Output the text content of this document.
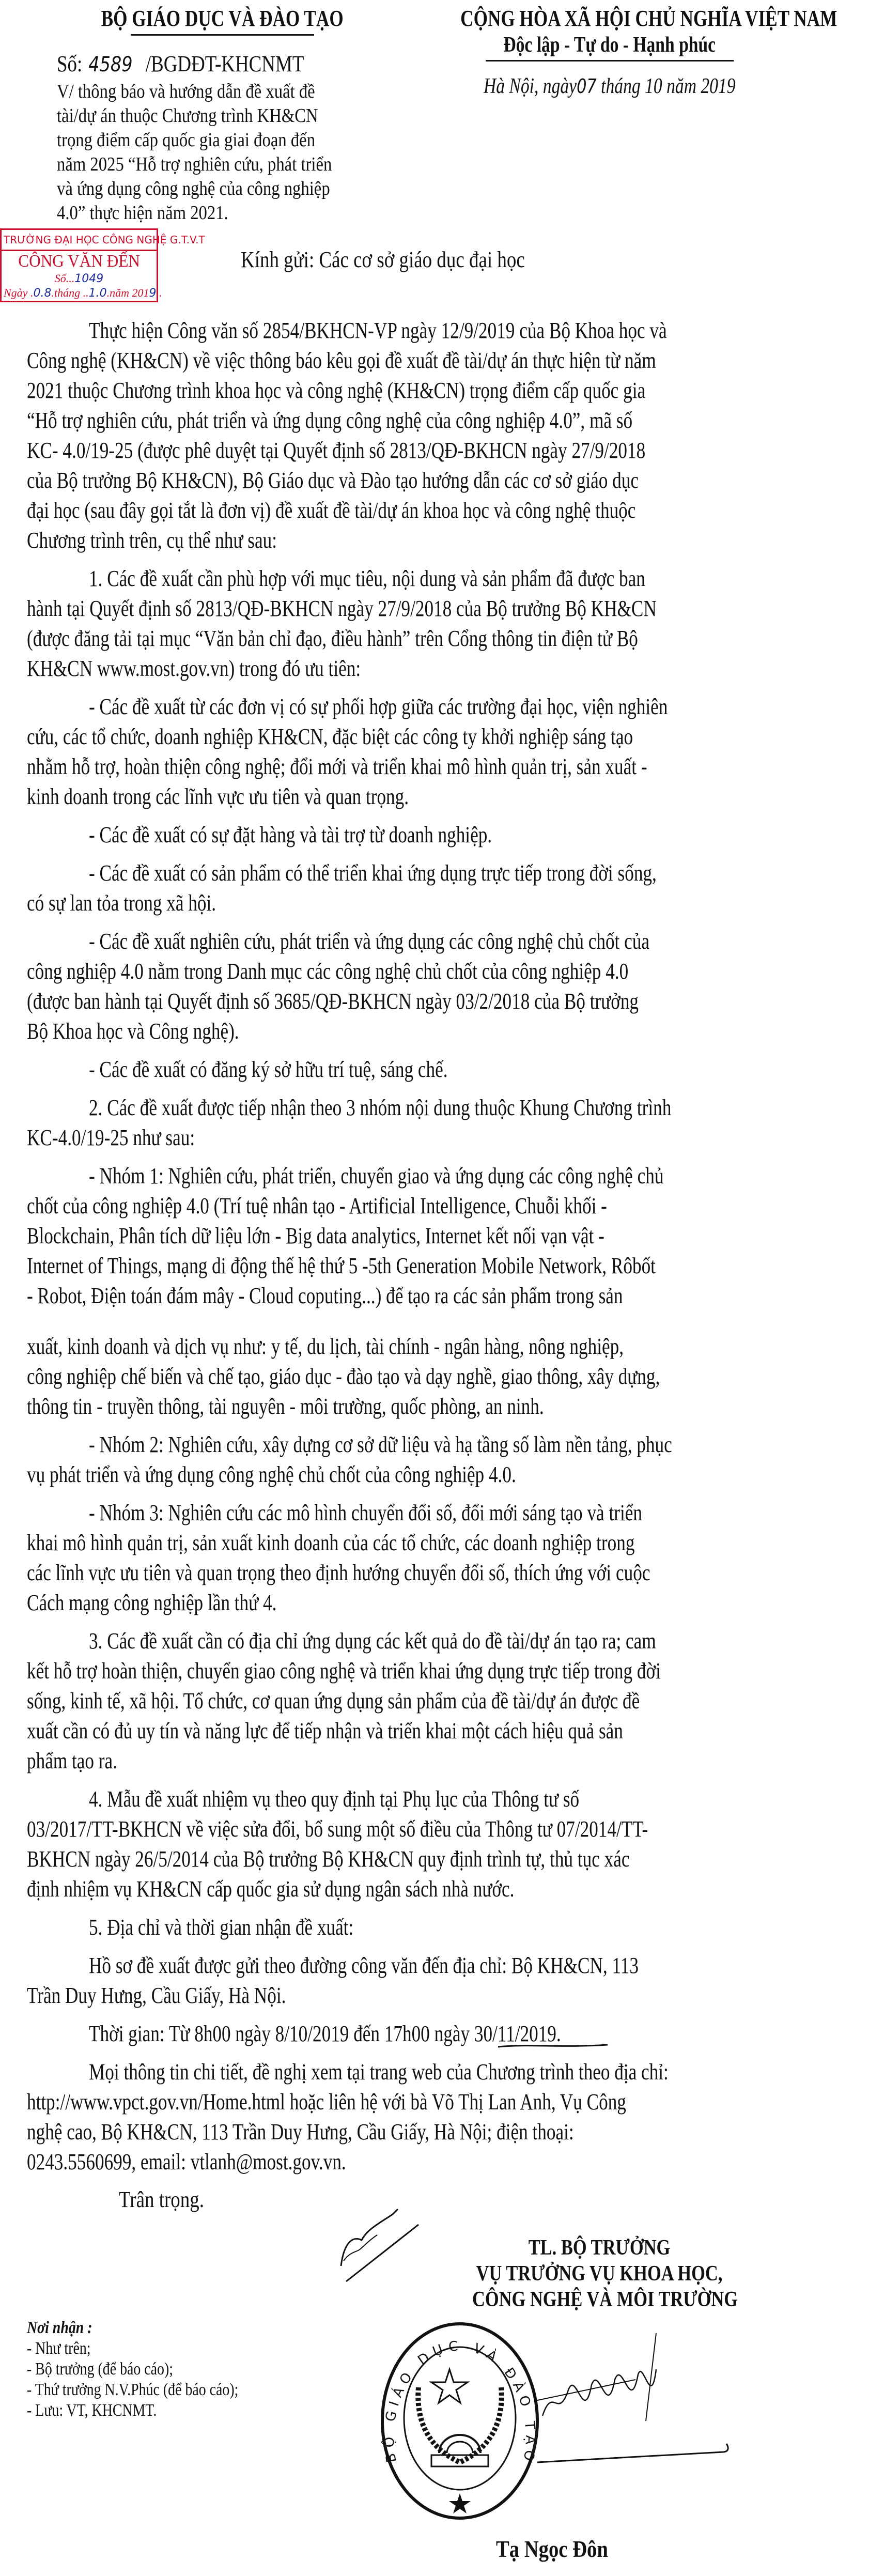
BỘ GIÁO DỤC VÀ ĐÀO TẠO
Số: 4589 /BGDĐT-KHCNMT
V/ thông báo và hướng dẫn đề xuất đề
tài/dự án thuộc Chương trình KH&CN
trọng điểm cấp quốc gia giai đoạn đến
năm 2025 “Hỗ trợ nghiên cứu, phát triển
và ứng dụng công nghệ của công nghiệp
4.0” thực hiện năm 2021.
CỘNG HÒA XÃ HỘI CHỦ NGHĨA VIỆT NAM
Độc lập - Tự do - Hạnh phúc
Hà Nội, ngày07 tháng 10 năm 2019
TRƯỜNG ĐẠI HỌC CÔNG NGHỆ G.T.V.T
CÔNG VĂN ĐẾN
Số...1049
Ngày .0.8.tháng ..1.0.năm 2019..
Kính gửi: Các cơ sở giáo dục đại học
Thực hiện Công văn số 2854/BKHCN-VP ngày 12/9/2019 của Bộ Khoa học và
Công nghệ (KH&CN) về việc thông báo kêu gọi đề xuất đề tài/dự án thực hiện từ năm
2021 thuộc Chương trình khoa học và công nghệ (KH&CN) trọng điểm cấp quốc gia
“Hỗ trợ nghiên cứu, phát triển và ứng dụng công nghệ của công nghiệp 4.0”, mã số
KC- 4.0/19-25 (được phê duyệt tại Quyết định số 2813/QĐ-BKHCN ngày 27/9/2018
của Bộ trưởng Bộ KH&CN), Bộ Giáo dục và Đào tạo hướng dẫn các cơ sở giáo dục
đại học (sau đây gọi tắt là đơn vị) đề xuất đề tài/dự án khoa học và công nghệ thuộc
Chương trình trên, cụ thể như sau:
1. Các đề xuất cần phù hợp với mục tiêu, nội dung và sản phẩm đã được ban
hành tại Quyết định số 2813/QĐ-BKHCN ngày 27/9/2018 của Bộ trưởng Bộ KH&CN
(được đăng tải tại mục “Văn bản chỉ đạo, điều hành” trên Cổng thông tin điện tử Bộ
KH&CN www.most.gov.vn) trong đó ưu tiên:
- Các đề xuất từ các đơn vị có sự phối hợp giữa các trường đại học, viện nghiên
cứu, các tổ chức, doanh nghiệp KH&CN, đặc biệt các công ty khởi nghiệp sáng tạo
nhằm hỗ trợ, hoàn thiện công nghệ; đổi mới và triển khai mô hình quản trị, sản xuất -
kinh doanh trong các lĩnh vực ưu tiên và quan trọng.
- Các đề xuất có sự đặt hàng và tài trợ từ doanh nghiệp.
- Các đề xuất có sản phẩm có thể triển khai ứng dụng trực tiếp trong đời sống,
có sự lan tỏa trong xã hội.
- Các đề xuất nghiên cứu, phát triển và ứng dụng các công nghệ chủ chốt của
công nghiệp 4.0 nằm trong Danh mục các công nghệ chủ chốt của công nghiệp 4.0
(được ban hành tại Quyết định số 3685/QĐ-BKHCN ngày 03/2/2018 của Bộ trưởng
Bộ Khoa học và Công nghệ).
- Các đề xuất có đăng ký sở hữu trí tuệ, sáng chế.
2. Các đề xuất được tiếp nhận theo 3 nhóm nội dung thuộc Khung Chương trình
KC-4.0/19-25 như sau:
- Nhóm 1: Nghiên cứu, phát triển, chuyển giao và ứng dụng các công nghệ chủ
chốt của công nghiệp 4.0 (Trí tuệ nhân tạo - Artificial Intelligence, Chuỗi khối -
Blockchain, Phân tích dữ liệu lớn - Big data analytics, Internet kết nối vạn vật -
Internet of Things, mạng di động thế hệ thứ 5 -5th Generation Mobile Network, Rôbốt
- Robot, Điện toán đám mây - Cloud coputing...) để tạo ra các sản phẩm trong sản
xuất, kinh doanh và dịch vụ như: y tế, du lịch, tài chính - ngân hàng, nông nghiệp,
công nghiệp chế biến và chế tạo, giáo dục - đào tạo và dạy nghề, giao thông, xây dựng,
thông tin - truyền thông, tài nguyên - môi trường, quốc phòng, an ninh.
- Nhóm 2: Nghiên cứu, xây dựng cơ sở dữ liệu và hạ tầng số làm nền tảng, phục
vụ phát triển và ứng dụng công nghệ chủ chốt của công nghiệp 4.0.
- Nhóm 3: Nghiên cứu các mô hình chuyển đổi số, đổi mới sáng tạo và triển
khai mô hình quản trị, sản xuất kinh doanh của các tổ chức, các doanh nghiệp trong
các lĩnh vực ưu tiên và quan trọng theo định hướng chuyển đổi số, thích ứng với cuộc
Cách mạng công nghiệp lần thứ 4.
3. Các đề xuất cần có địa chỉ ứng dụng các kết quả do đề tài/dự án tạo ra; cam
kết hỗ trợ hoàn thiện, chuyển giao công nghệ và triển khai ứng dụng trực tiếp trong đời
sống, kinh tế, xã hội. Tổ chức, cơ quan ứng dụng sản phẩm của đề tài/dự án được đề
xuất cần có đủ uy tín và năng lực để tiếp nhận và triển khai một cách hiệu quả sản
phẩm tạo ra.
4. Mẫu đề xuất nhiệm vụ theo quy định tại Phụ lục của Thông tư số
03/2017/TT-BKHCN về việc sửa đổi, bổ sung một số điều của Thông tư 07/2014/TT-
BKHCN ngày 26/5/2014 của Bộ trưởng Bộ KH&CN quy định trình tự, thủ tục xác
định nhiệm vụ KH&CN cấp quốc gia sử dụng ngân sách nhà nước.
5. Địa chỉ và thời gian nhận đề xuất:
Hồ sơ đề xuất được gửi theo đường công văn đến địa chỉ: Bộ KH&CN, 113
Trần Duy Hưng, Cầu Giấy, Hà Nội.
Thời gian: Từ 8h00 ngày 8/10/2019 đến 17h00 ngày 30/11/2019.
Mọi thông tin chi tiết, đề nghị xem tại trang web của Chương trình theo địa chỉ:
http://www.vpct.gov.vn/Home.html hoặc liên hệ với bà Võ Thị Lan Anh, Vụ Công
nghệ cao, Bộ KH&CN, 113 Trần Duy Hưng, Cầu Giấy, Hà Nội; điện thoại:
0243.5560699, email: vtlanh@most.gov.vn.
Trân trọng.
TL. BỘ TRƯỞNG
VỤ TRƯỞNG VỤ KHOA HỌC,
CÔNG NGHỆ VÀ MÔI TRƯỜNG
Nơi nhận :
- Như trên;
- Bộ trưởng (để báo cáo);
- Thứ trưởng N.V.Phúc (để báo cáo);
- Lưu: VT, KHCNMT.
BỘ GIÁO DỤC VÀ ĐÀO TẠO
Tạ Ngọc Đôn
